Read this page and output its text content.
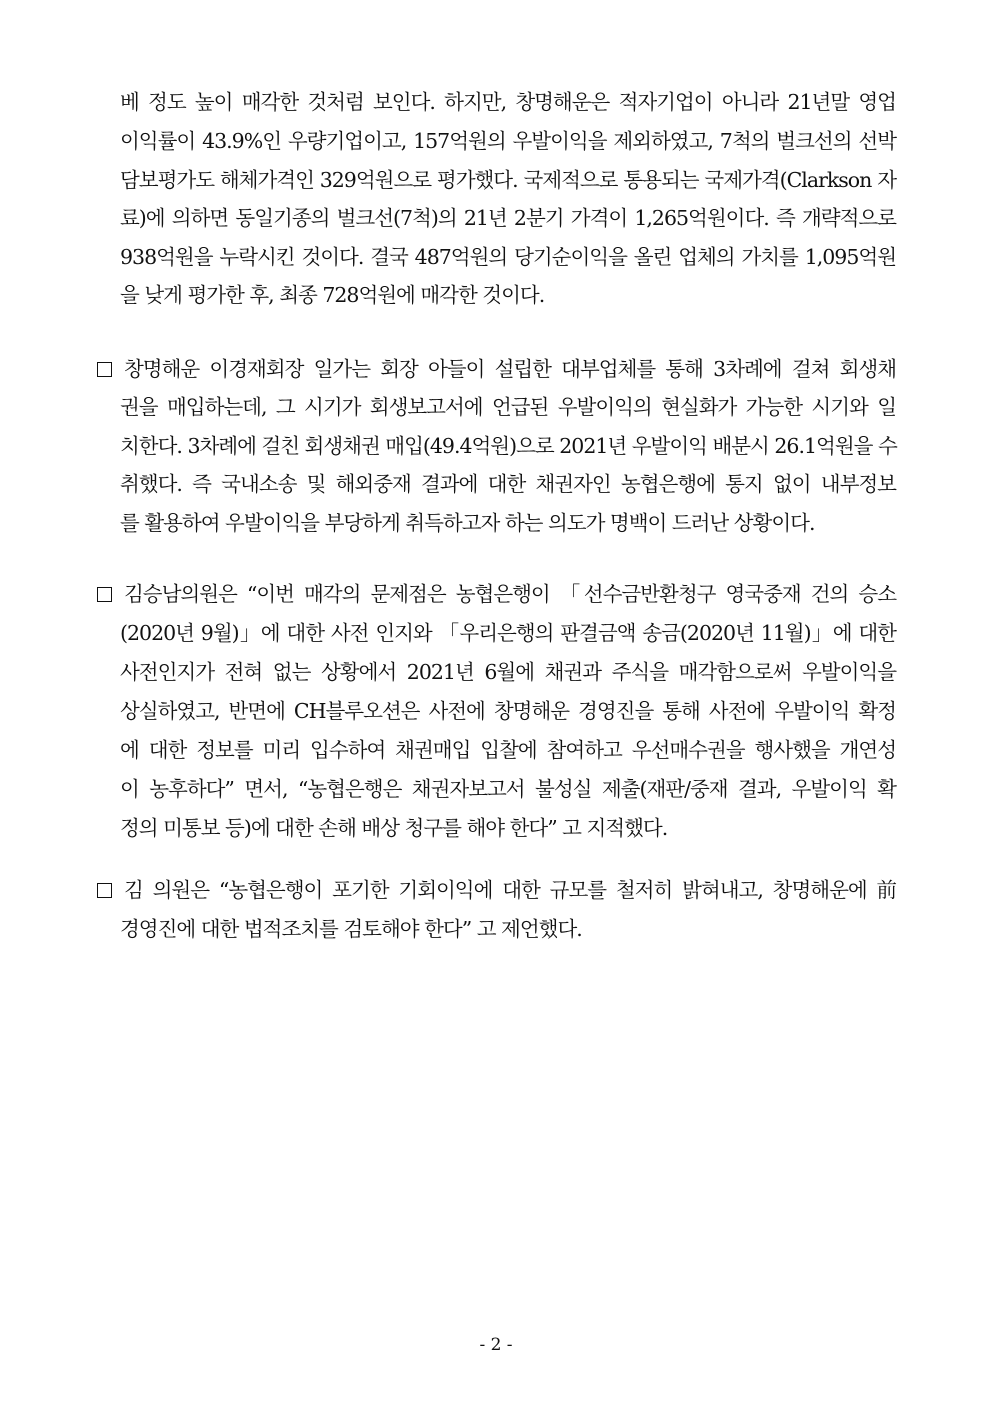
베 정도 높이 매각한 것처럼 보인다. 하지만, 창명해운은 적자기업이 아니라 21년말 영업
이익률이 43.9%인 우량기업이고, 157억원의 우발이익을 제외하였고, 7척의 벌크선의 선박
담보평가도 해체가격인 329억원으로 평가했다. 국제적으로 통용되는 국제가격(Clarkson 자
료)에 의하면 동일기종의 벌크선(7척)의 21년 2분기 가격이 1,265억원이다. 즉 개략적으로
938억원을 누락시킨 것이다. 결국 487억원의 당기순이익을 올린 업체의 가치를 1,095억원
을 낮게 평가한 후, 최종 728억원에 매각한 것이다.
창명해운 이경재회장 일가는 회장 아들이 설립한 대부업체를 통해 3차례에 걸쳐 회생채
권을 매입하는데, 그 시기가 회생보고서에 언급된 우발이익의 현실화가 가능한 시기와 일
치한다. 3차례에 걸친 회생채권 매입(49.4억원)으로 2021년 우발이익 배분시 26.1억원을 수
취했다. 즉 국내소송 및 해외중재 결과에 대한 채권자인 농협은행에 통지 없이 내부정보
를 활용하여 우발이익을 부당하게 취득하고자 하는 의도가 명백이 드러난 상황이다.
김승남의원은 “이번 매각의 문제점은 농협은행이 「선수금반환청구 영국중재 건의 승소
(2020년 9월)」에 대한 사전 인지와 「우리은행의 판결금액 송금(2020년 11월)」에 대한
사전인지가 전혀 없는 상황에서 2021년 6월에 채권과 주식을 매각함으로써 우발이익을
상실하였고, 반면에 CH블루오션은 사전에 창명해운 경영진을 통해 사전에 우발이익 확정
에 대한 정보를 미리 입수하여 채권매입 입찰에 참여하고 우선매수권을 행사했을 개연성
이 농후하다” 면서, “농협은행은 채권자보고서 불성실 제출(재판/중재 결과, 우발이익 확
정의 미통보 등)에 대한 손해 배상 청구를 해야 한다” 고 지적했다.
김 의원은 “농협은행이 포기한 기회이익에 대한 규모를 철저히 밝혀내고, 창명해운에 前
경영진에 대한 법적조치를 검토해야 한다” 고 제언했다.
- 2 -
